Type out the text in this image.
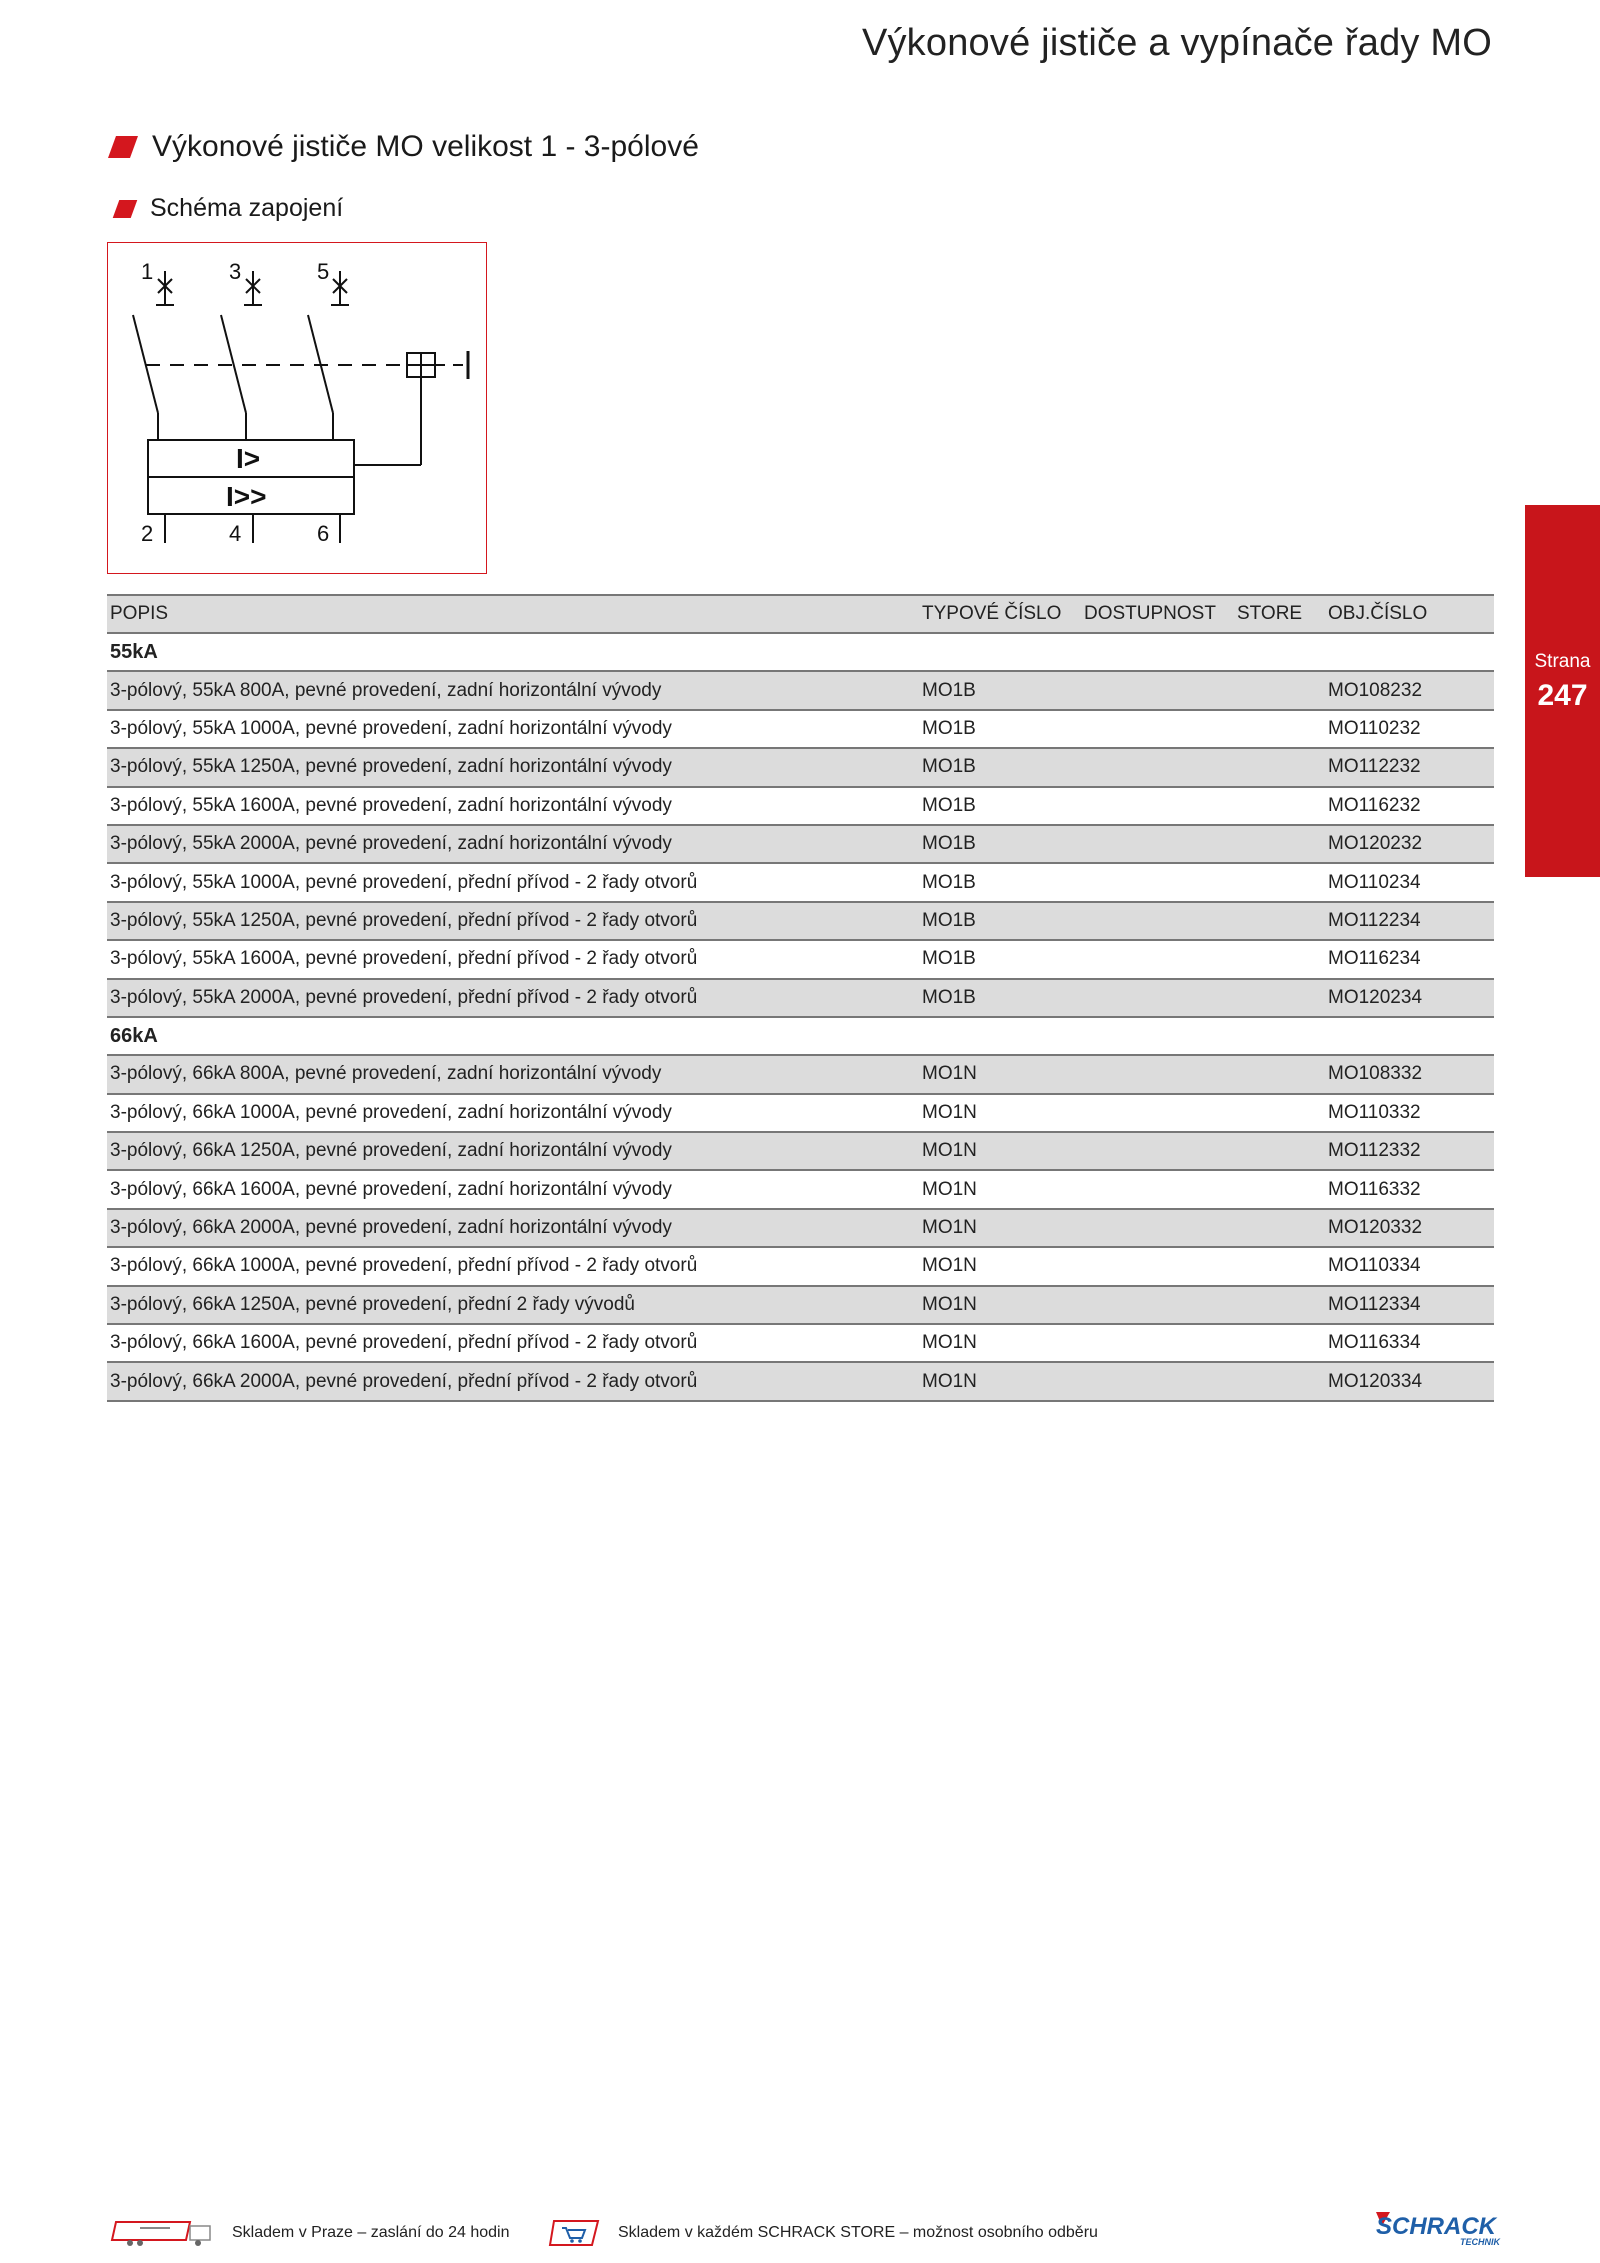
Výkonové jističe a vypínače řady MO
Výkonové jističe MO velikost 1 - 3-pólové
Schéma zapojení
1	3	5
2	4	6
I>
I>>
Strana
247
POPIS	TYPOVÉ ČÍSLO	DOSTUPNOST	STORE	OBJ.ČÍSLO
55kA				
3-pólový, 55kA 800A, pevné provedení, zadní horizontální vývody	MO1B			MO108232
3-pólový, 55kA 1000A, pevné provedení, zadní horizontální vývody	MO1B			MO110232
3-pólový, 55kA 1250A, pevné provedení, zadní horizontální vývody	MO1B			MO112232
3-pólový, 55kA 1600A, pevné provedení, zadní horizontální vývody	MO1B			MO116232
3-pólový, 55kA 2000A, pevné provedení, zadní horizontální vývody	MO1B			MO120232
3-pólový, 55kA 1000A, pevné provedení, přední přívod - 2 řady otvorů	MO1B			MO110234
3-pólový, 55kA 1250A, pevné provedení, přední přívod - 2 řady otvorů	MO1B			MO112234
3-pólový, 55kA 1600A, pevné provedení, přední přívod - 2 řady otvorů	MO1B			MO116234
3-pólový, 55kA 2000A, pevné provedení, přední přívod - 2 řady otvorů	MO1B			MO120234
66kA				
3-pólový, 66kA 800A, pevné provedení, zadní horizontální vývody	MO1N			MO108332
3-pólový, 66kA 1000A, pevné provedení, zadní horizontální vývody	MO1N			MO110332
3-pólový, 66kA 1250A, pevné provedení, zadní horizontální vývody	MO1N			MO112332
3-pólový, 66kA 1600A, pevné provedení, zadní horizontální vývody	MO1N			MO116332
3-pólový, 66kA 2000A, pevné provedení, zadní horizontální vývody	MO1N			MO120332
3-pólový, 66kA 1000A, pevné provedení, přední přívod - 2 řady otvorů	MO1N			MO110334
3-pólový, 66kA 1250A, pevné provedení, přední 2 řady vývodů	MO1N			MO112334
3-pólový, 66kA 1600A, pevné provedení, přední přívod - 2 řady otvorů	MO1N			MO116334
3-pólový, 66kA 2000A, pevné provedení, přední přívod - 2 řady otvorů	MO1N			MO120334
Skladem v Praze – zaslání do 24 hodin	Skladem v každém SCHRACK STORE – možnost osobního odběru	SCHRACK
TECHNIK
